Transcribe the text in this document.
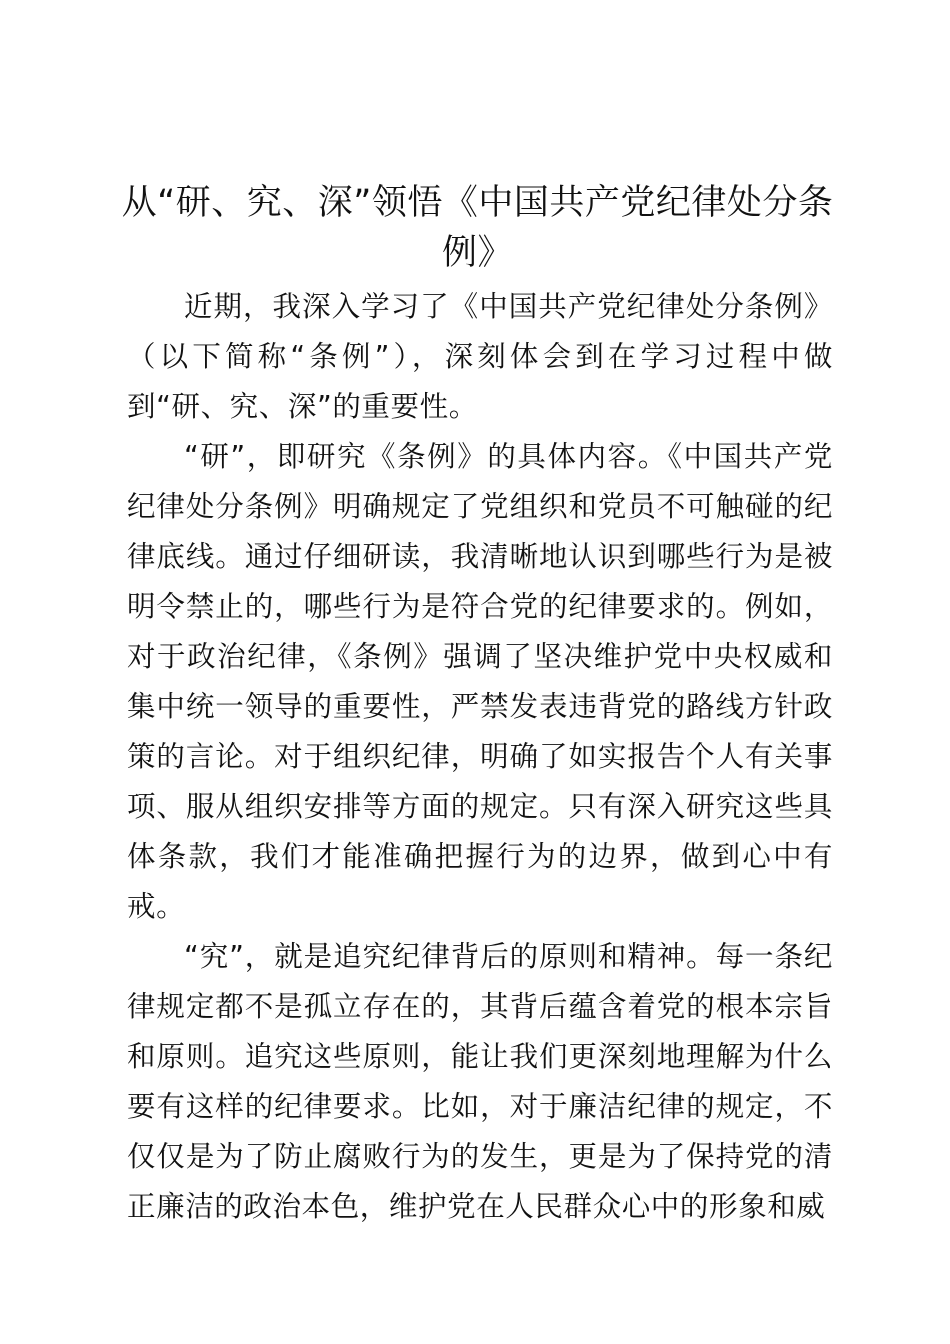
从“研、究、深”领悟《中国共产党纪律处分条例》

近期，我深入学习了《中国共产党纪律处分条例》（以下简称“条例”），深刻体会到在学习过程中做到“研、究、深”的重要性。

“研”，即研究《条例》的具体内容。《中国共产党纪律处分条例》明确规定了党组织和党员不可触碰的纪律底线。通过仔细研读，我清晰地认识到哪些行为是被明令禁止的，哪些行为是符合党的纪律要求的。例如，对于政治纪律，《条例》强调了坚决维护党中央权威和集中统一领导的重要性，严禁发表违背党的路线方针政策的言论。对于组织纪律，明确了如实报告个人有关事项、服从组织安排等方面的规定。只有深入研究这些具体条款，我们才能准确把握行为的边界，做到心中有戒。

“究”，就是追究纪律背后的原则和精神。每一条纪律规定都不是孤立存在的，其背后蕴含着党的根本宗旨和原则。追究这些原则，能让我们更深刻地理解为什么要有这样的纪律要求。比如，对于廉洁纪律的规定，不仅仅是为了防止腐败行为的发生，更是为了保持党的清正廉洁的政治本色，维护党在人民群众心中的形象和威
